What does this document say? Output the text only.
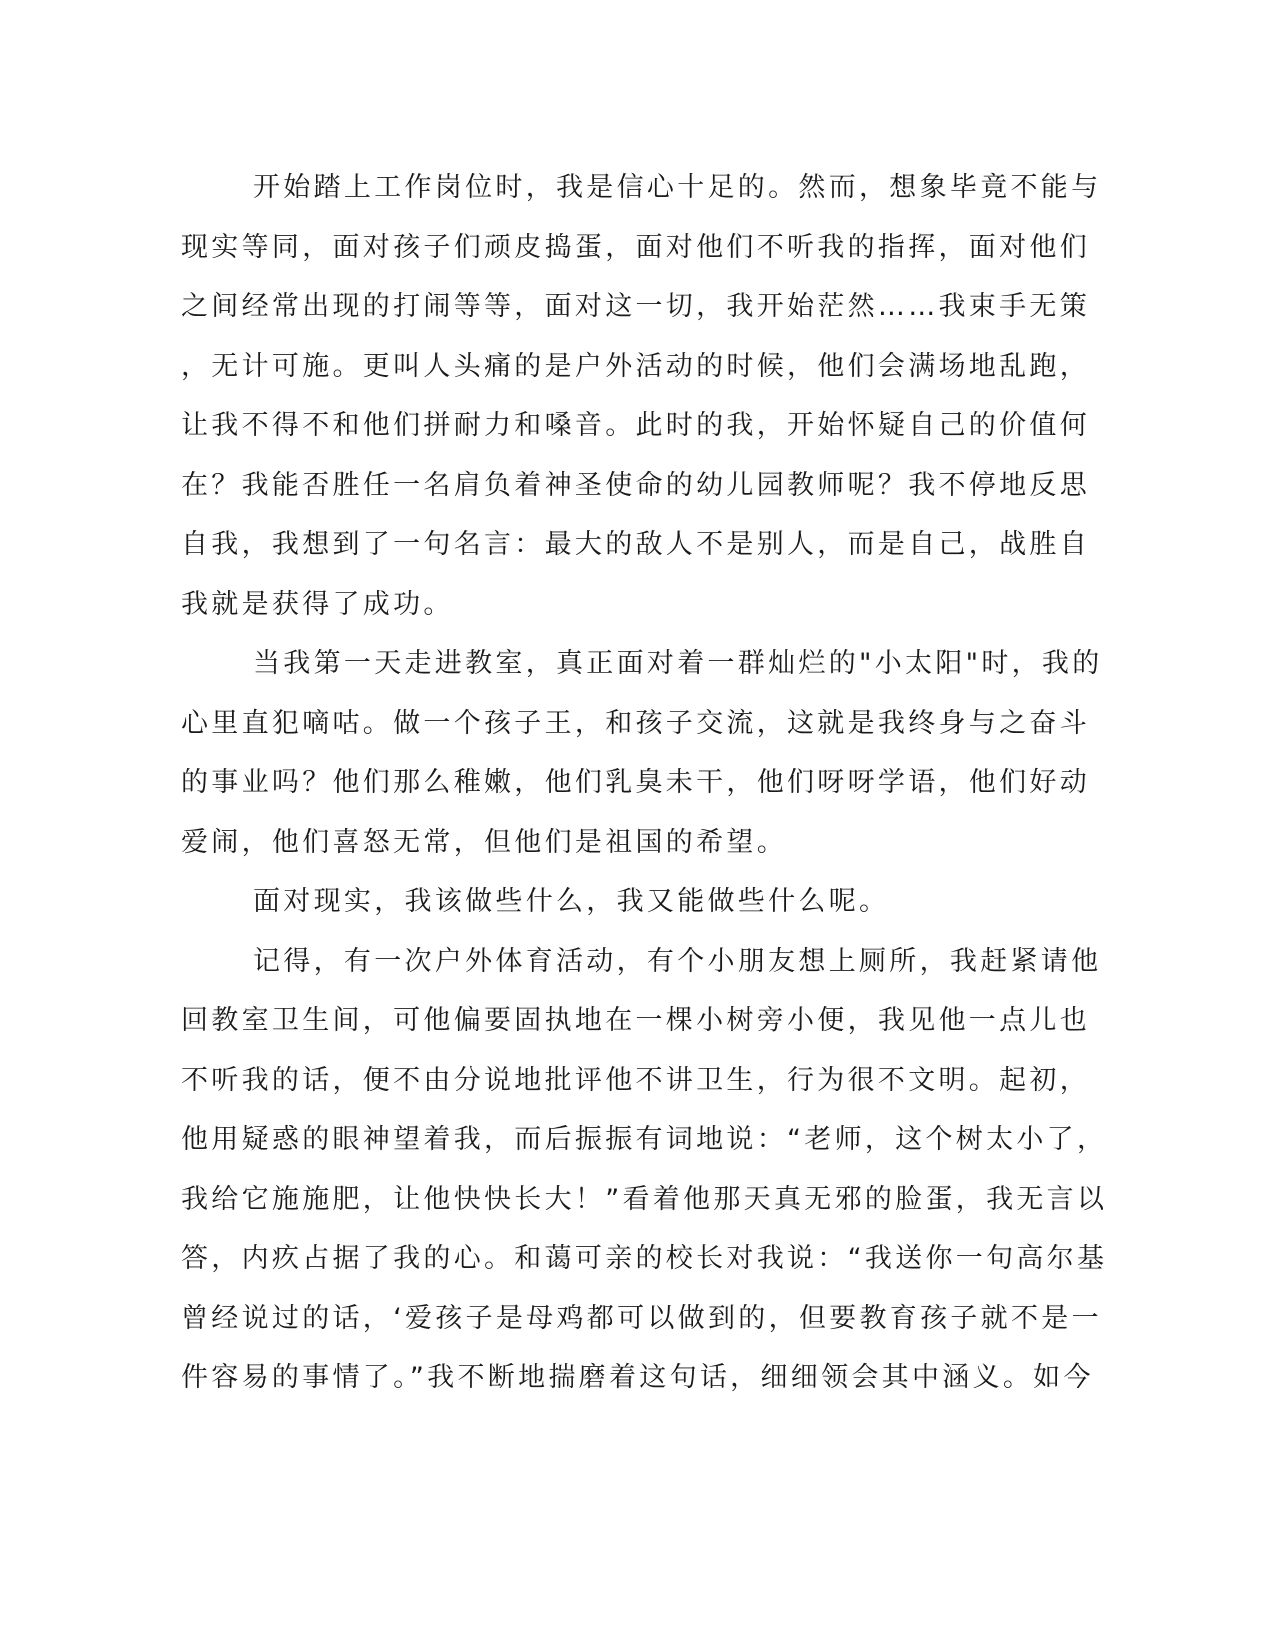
开始踏上工作岗位时，我是信心十足的。然而，想象毕竟不能与
现实等同，面对孩子们顽皮捣蛋，面对他们不听我的指挥，面对他们
之间经常出现的打闹等等，面对这一切，我开始茫然……我束手无策
，无计可施。更叫人头痛的是户外活动的时候，他们会满场地乱跑，
让我不得不和他们拼耐力和嗓音。此时的我，开始怀疑自己的价值何
在？我能否胜任一名肩负着神圣使命的幼儿园教师呢？我不停地反思
自我，我想到了一句名言：最大的敌人不是别人，而是自己，战胜自
我就是获得了成功。
当我第一天走进教室，真正面对着一群灿烂的"小太阳"时，我的
心里直犯嘀咕。做一个孩子王，和孩子交流，这就是我终身与之奋斗
的事业吗？他们那么稚嫩，他们乳臭未干，他们呀呀学语，他们好动
爱闹，他们喜怒无常，但他们是祖国的希望。
面对现实，我该做些什么，我又能做些什么呢。
记得，有一次户外体育活动，有个小朋友想上厕所，我赶紧请他
回教室卫生间，可他偏要固执地在一棵小树旁小便，我见他一点儿也
不听我的话，便不由分说地批评他不讲卫生，行为很不文明。起初，
他用疑惑的眼神望着我，而后振振有词地说：“老师，这个树太小了，
我给它施施肥，让他快快长大！”看着他那天真无邪的脸蛋，我无言以
答，内疚占据了我的心。和蔼可亲的校长对我说：“我送你一句高尔基
曾经说过的话，‘爱孩子是母鸡都可以做到的，但要教育孩子就不是一
件容易的事情了。”我不断地揣磨着这句话，细细领会其中涵义。如今
